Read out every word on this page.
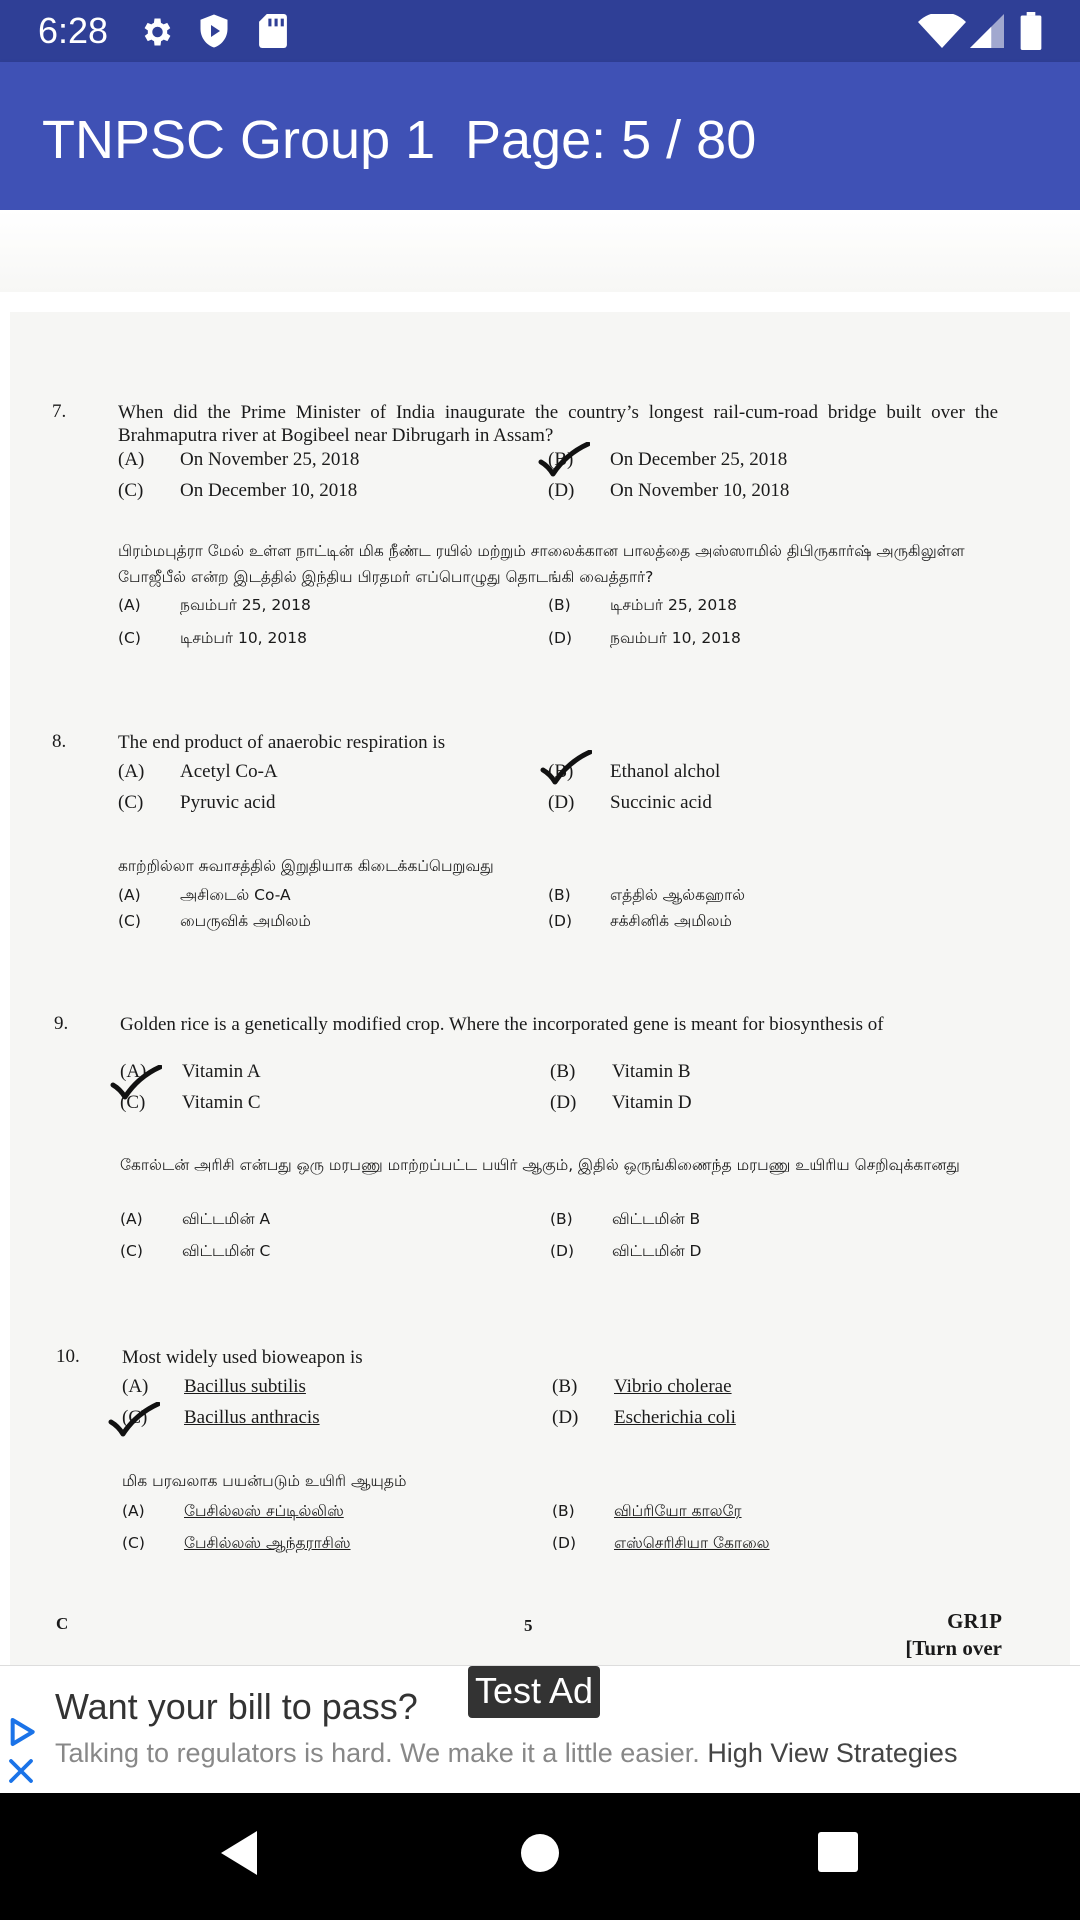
6:28
TNPSC Group 1 Page: 5 / 80
7.	When did the Prime Minister of India inaugurate the country’s longest rail-cum-road bridge built over the Brahmaputra river at Bogibeel near Dibrugarh in Assam?
(A) On November 25, 2018	(B) On December 25, 2018
(C) On December 10, 2018	(D) On November 10, 2018
பிரம்மபுத்ரா மேல் உள்ள நாட்டின் மிக நீண்ட ரயில் மற்றும் சாலைக்கான பாலத்தை அஸ்ஸாமில் திபிருகார்ஷ் அருகிலுள்ள போஜீபீல் என்ற இடத்தில் இந்திய பிரதமர் எப்பொழுது தொடங்கி வைத்தார்?
(A)	நவம்பர் 25, 2018	(B)	டிசம்பர் 25, 2018
(C)	டிசம்பர் 10, 2018	(D) நவம்பர் 10, 2018
8.	The end product of anaerobic respiration is
(A) Acetyl Co-A	(B) Ethanol alchol
(C) Pyruvic acid	(D) Succinic acid
காற்றில்லா சுவாசத்தில் இறுதியாக கிடைக்கப்பெறுவது
(A)	அசிடைல் Co-A	(B)	எத்தில் ஆல்கஹால்
(C)	பைருவிக் அமிலம்	(D) சக்சினிக் அமிலம்
9.	Golden rice is a genetically modified crop. Where the incorporated gene is meant for biosynthesis of
(A) Vitamin A	(B) Vitamin B
(C) Vitamin C	(D) Vitamin D
கோல்டன் அரிசி என்பது ஒரு மரபணு மாற்றப்பட்ட பயிர் ஆகும், இதில் ஒருங்கிணைந்த மரபணு உயிரிய செறிவுக்கானது
(A)	விட்டமின் A	(B)	விட்டமின் B
(C)	விட்டமின் C	(D) விட்டமின் D
10. Most widely used bioweapon is
(A) Bacillus subtilis	(B) Vibrio cholerae
(C) Bacillus anthracis	(D) Escherichia coli
மிக பரவலாக பயன்படும் உயிரி ஆயுதம்
(A)	பேசில்லஸ் சப்டில்லிஸ்	(B)	விப்ரியோ காலரே
(C)	பேசில்லஸ் ஆந்தராசிஸ்	(D) எஸ்செரிசியா கோலை
C	5	GR1P
[Turn over
Want your bill to pass? Test Ad
Talking to regulators is hard. We make it a little easier. High View Strategies
